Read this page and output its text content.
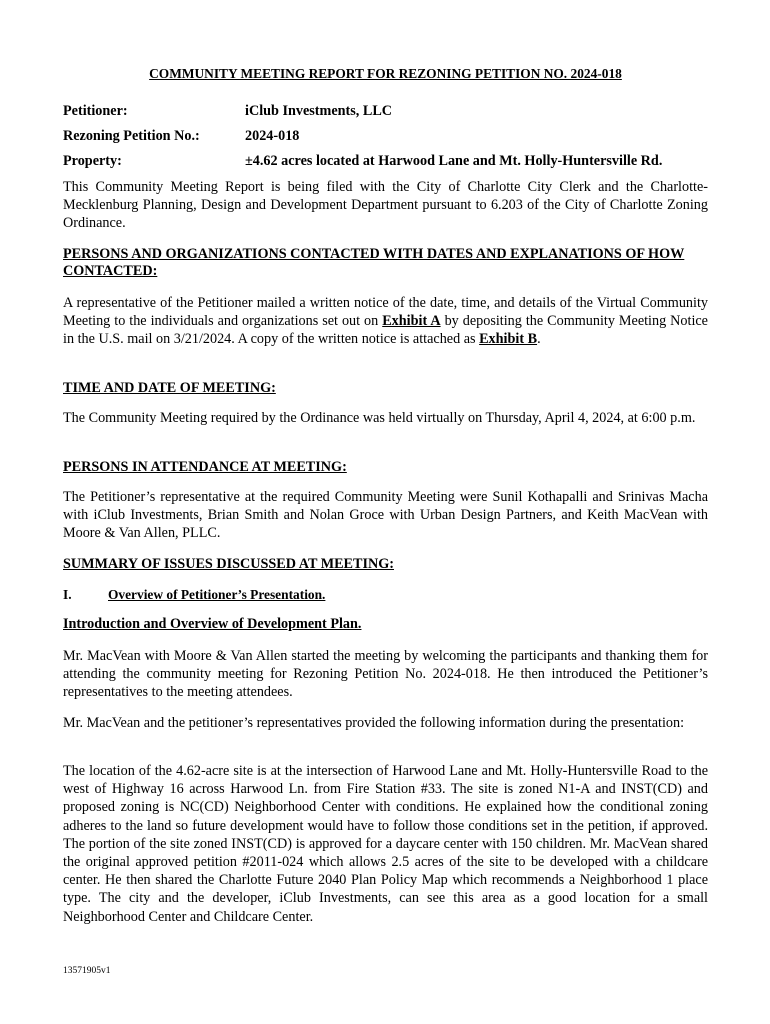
COMMUNITY MEETING REPORT FOR REZONING PETITION NO. 2024-018
Petitioner:	iClub Investments, LLC
Rezoning Petition No.:	2024-018
Property:	±4.62 acres located at Harwood Lane and Mt. Holly-Huntersville Rd.

This Community Meeting Report is being filed with the City of Charlotte City Clerk and the Charlotte-Mecklenburg Planning, Design and Development Department pursuant to 6.203 of the City of Charlotte Zoning Ordinance.

PERSONS AND ORGANIZATIONS CONTACTED WITH DATES AND EXPLANATIONS OF HOW CONTACTED:

A representative of the Petitioner mailed a written notice of the date, time, and details of the Virtual Community Meeting to the individuals and organizations set out on Exhibit A by depositing the Community Meeting Notice in the U.S. mail on 3/21/2024. A copy of the written notice is attached as Exhibit B.

TIME AND DATE OF MEETING:

The Community Meeting required by the Ordinance was held virtually on Thursday, April 4, 2024, at 6:00 p.m.

PERSONS IN ATTENDANCE AT MEETING:

The Petitioner’s representative at the required Community Meeting were Sunil Kothapalli and Srinivas Macha with iClub Investments, Brian Smith and Nolan Groce with Urban Design Partners, and Keith MacVean with Moore & Van Allen, PLLC.

SUMMARY OF ISSUES DISCUSSED AT MEETING:

I.	Overview of Petitioner’s Presentation.

Introduction and Overview of Development Plan.

Mr. MacVean with Moore & Van Allen started the meeting by welcoming the participants and thanking them for attending the community meeting for Rezoning Petition No. 2024-018. He then introduced the Petitioner’s representatives to the meeting attendees.

Mr. MacVean and the petitioner’s representatives provided the following information during the presentation:

The location of the 4.62-acre site is at the intersection of Harwood Lane and Mt. Holly-Huntersville Road to the west of Highway 16 across Harwood Ln. from Fire Station #33. The site is zoned N1-A and INST(CD) and proposed zoning is NC(CD) Neighborhood Center with conditions. He explained how the conditional zoning adheres to the land so future development would have to follow those conditions set in the petition, if approved. The portion of the site zoned INST(CD) is approved for a daycare center with 150 children. Mr. MacVean shared the original approved petition #2011-024 which allows 2.5 acres of the site to be developed with a childcare center. He then shared the Charlotte Future 2040 Plan Policy Map which recommends a Neighborhood 1 place type. The city and the developer, iClub Investments, can see this area as a good location for a small Neighborhood Center and Childcare Center.

13571905v1
